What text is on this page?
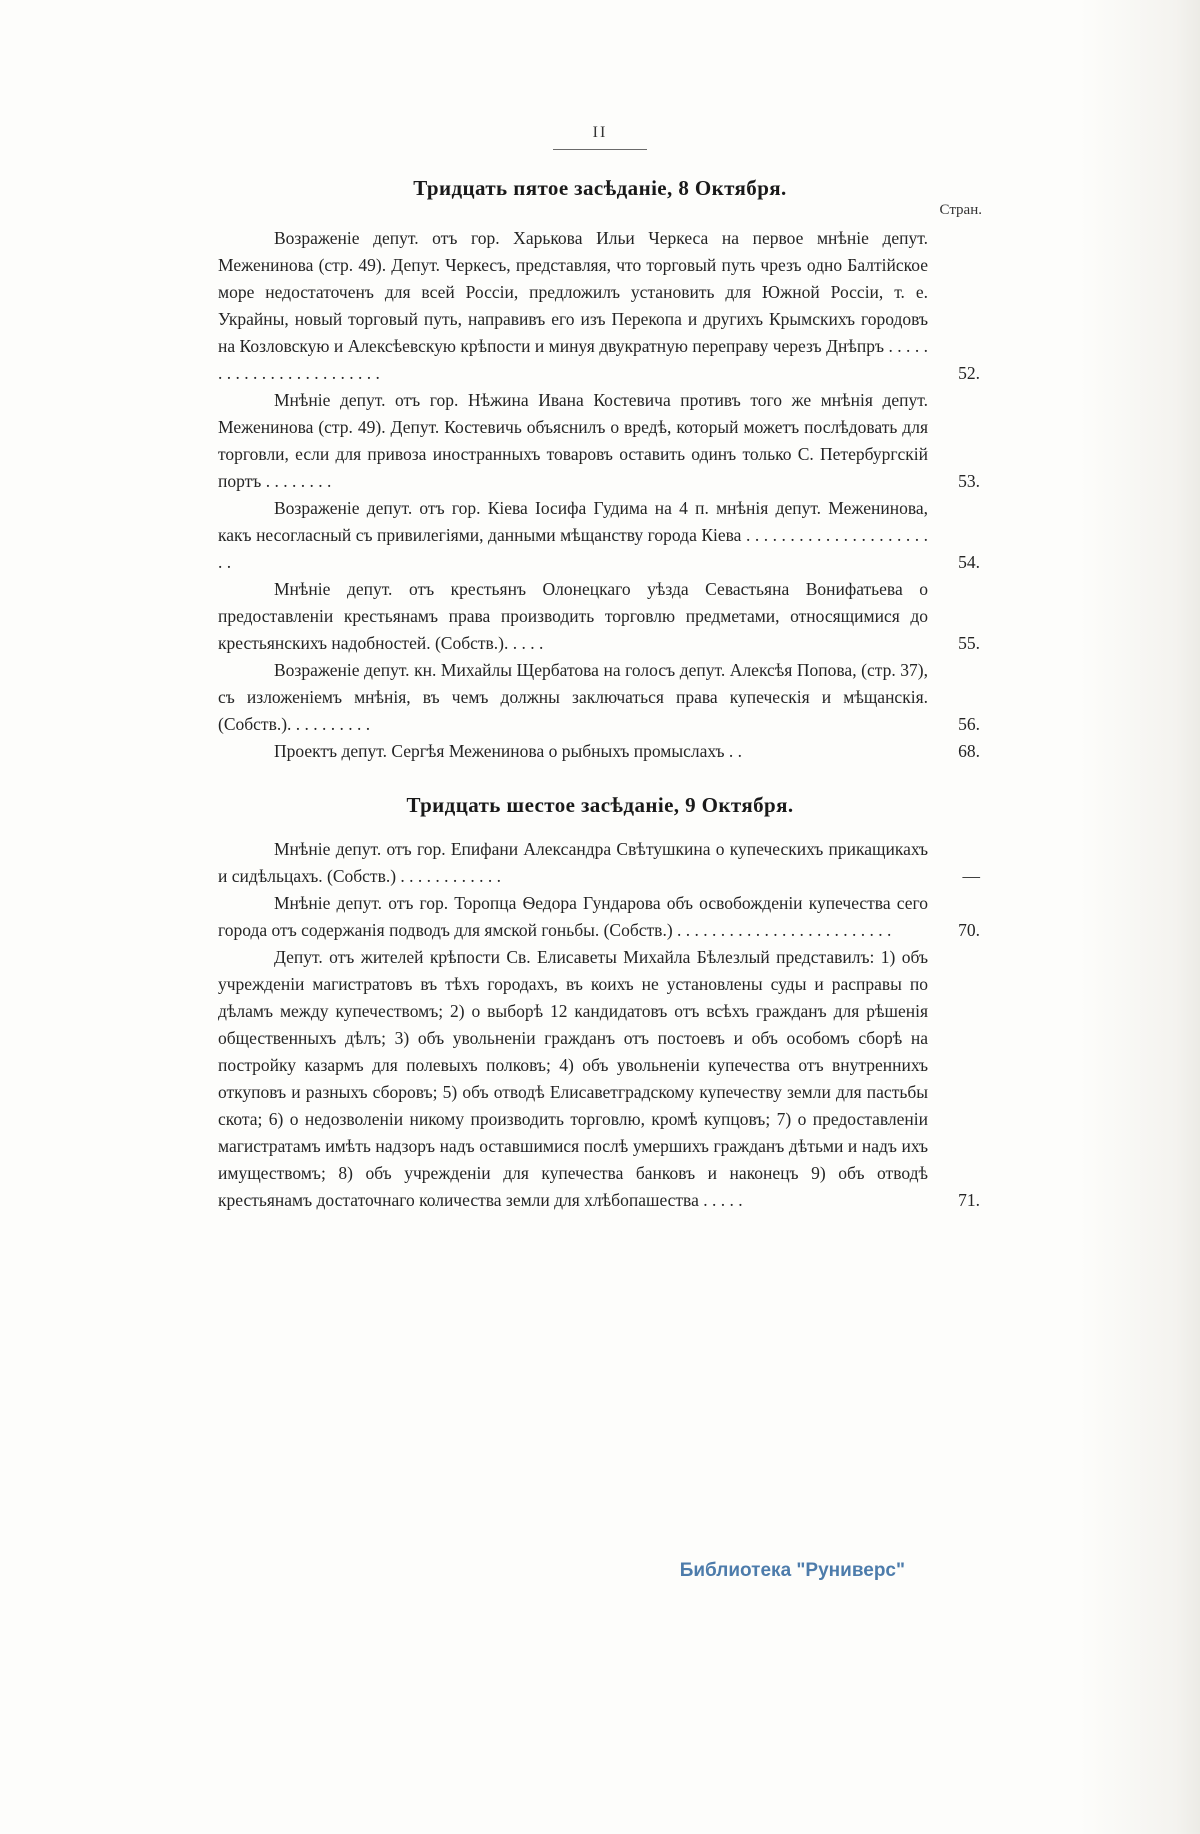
II
Тридцать пятое засѣданіе, 8 Октября.
Стран.
Возраженіе депут. отъ гор. Харькова Ильи Черкеса на первое мнѣніе депут. Меженинова (стр. 49). Депут. Черкесъ, представляя, что торговый путь чрезъ одно Балтійское море недостаточенъ для всей Россіи, предложилъ установить для Южной Россіи, т. е. Украйны, новый торговый путь, направивъ его изъ Перекопа и другихъ Крымскихъ городовъ на Козловскую и Алексѣевскую крѣпости и минуя двукратную переправу черезъ Днѣпръ . . . . . . . . . . . . . . . . . . . . . . . .	52.
Мнѣніе депут. отъ гор. Нѣжина Ивана Костевича противъ того же мнѣнія депут. Меженинова (стр. 49). Депут. Костевичь объяснилъ о вредѣ, который можетъ послѣдовать для торговли, если для привоза иностранныхъ товаровъ оставить одинъ только С. Петербургскій портъ . . . . . . . .	53.
Возраженіе депут. отъ гор. Кіева Іосифа Гудима на 4 п. мнѣнія депут. Меженинова, какъ несогласный съ привилегіями, данными мѣщанству города Кіева . . . . . . . . . . . . . . . . . . . . . . .	54.
Мнѣніе депут. отъ крестьянъ Олонецкаго уѣзда Севастьяна Вонифатьева о предоставленіи крестьянамъ права производить торговлю предметами, относящимися до крестьянскихъ надобностей. (Собств.). . . . .	55.
Возраженіе депут. кн. Михайлы Щербатова на голосъ депут. Алексѣя Попова, (стр. 37), съ изложеніемъ мнѣнія, въ чемъ должны заключаться права купеческія и мѣщанскія. (Собств.). . . . . . . . . .	56.
Проектъ депут. Сергѣя Меженинова о рыбныхъ промыслахъ . .	68.
Тридцать шестое засѣданіе, 9 Октября.
Мнѣніе депут. отъ гор. Епифани Александра Свѣтушкина о купеческихъ прикащикахъ и сидѣльцахъ. (Собств.) . . . . . . . . . . . .	—
Мнѣніе депут. отъ гор. Торопца Ѳедора Гундарова объ освобожденіи купечества сего города отъ содержанія подводъ для ямской гоньбы. (Собств.) . . . . . . . . . . . . . . . . . . . . . . . . .	70.
Депут. отъ жителей крѣпости Св. Елисаветы Михайла Бѣлезлый представилъ: 1) объ учрежденіи магистратовъ въ тѣхъ городахъ, въ коихъ не установлены суды и расправы по дѣламъ между купечествомъ; 2) о выборѣ 12 кандидатовъ отъ всѣхъ гражданъ для рѣшенія общественныхъ дѣлъ; 3) объ увольненіи гражданъ отъ постоевъ и объ особомъ сборѣ на постройку казармъ для полевыхъ полковъ; 4) объ увольненіи купечества отъ внутреннихъ откуповъ и разныхъ сборовъ; 5) объ отводѣ Елисаветградскому купечеству земли для пастьбы скота; 6) о недозволеніи никому производить торговлю, кромѣ купцовъ; 7) о предоставленіи магистратамъ имѣть надзоръ надъ оставшимися послѣ умершихъ гражданъ дѣтьми и надъ ихъ имуществомъ; 8) объ учрежденіи для купечества банковъ и наконецъ 9) объ отводѣ крестьянамъ достаточнаго количества земли для хлѣбопашества . . . . .	71.
Библиотека "Руниверс"
